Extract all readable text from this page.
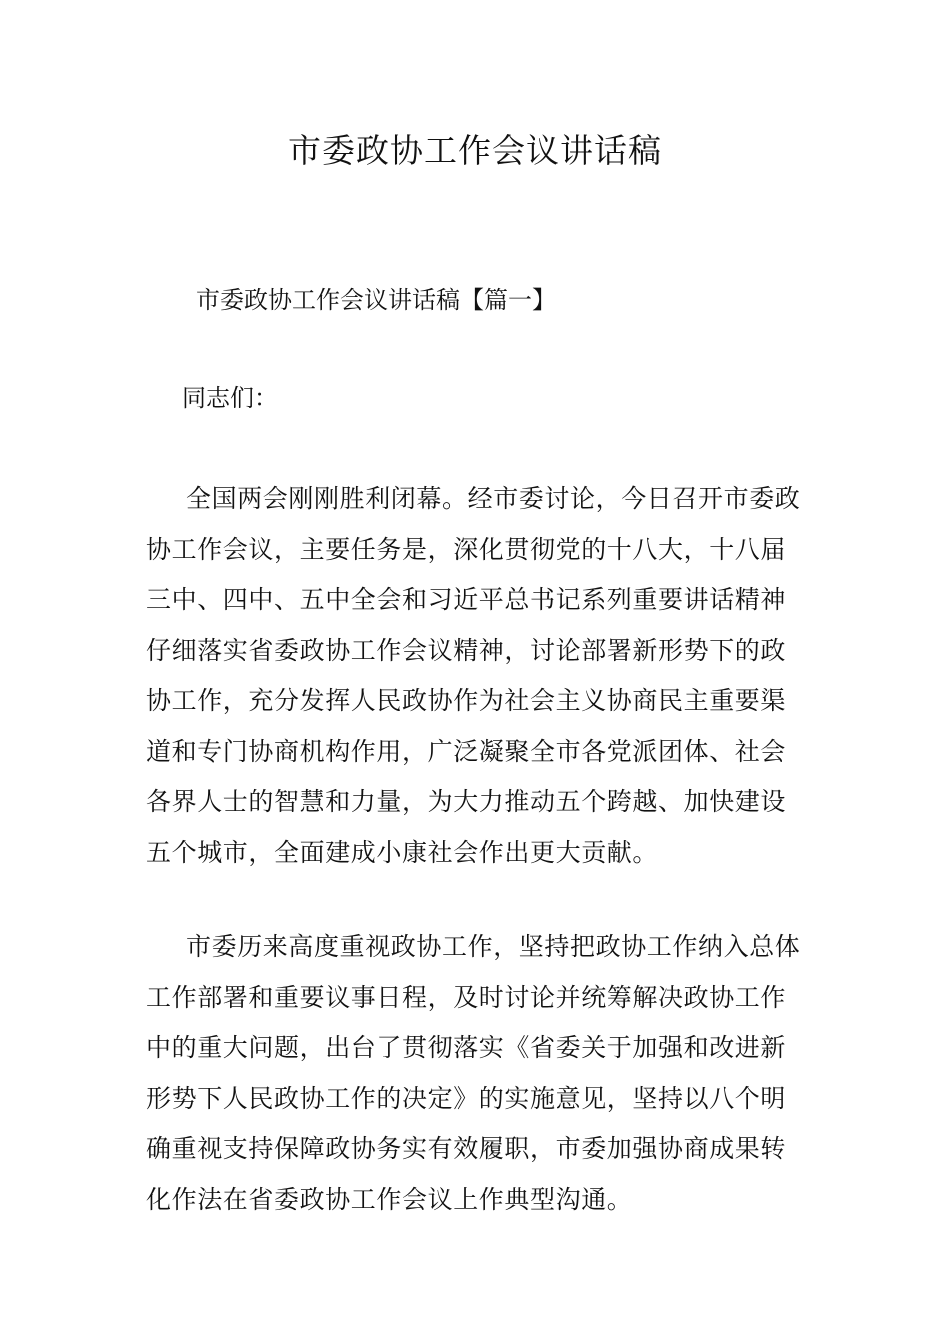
市委政协工作会议讲话稿

市委政协工作会议讲话稿【篇一】

同志们：

全国两会刚刚胜利闭幕。经市委讨论，今日召开市委政
协工作会议，主要任务是，深化贯彻党的十八大，十八届
三中、四中、五中全会和习近平总书记系列重要讲话精神
仔细落实省委政协工作会议精神，讨论部署新形势下的政
协工作，充分发挥人民政协作为社会主义协商民主重要渠
道和专门协商机构作用，广泛凝聚全市各党派团体、社会
各界人士的智慧和力量，为大力推动五个跨越、加快建设
五个城市，全面建成小康社会作出更大贡献。

市委历来高度重视政协工作，坚持把政协工作纳入总体
工作部署和重要议事日程，及时讨论并统筹解决政协工作
中的重大问题，出台了贯彻落实《省委关于加强和改进新
形势下人民政协工作的决定》的实施意见，坚持以八个明
确重视支持保障政协务实有效履职，市委加强协商成果转
化作法在省委政协工作会议上作典型沟通。
